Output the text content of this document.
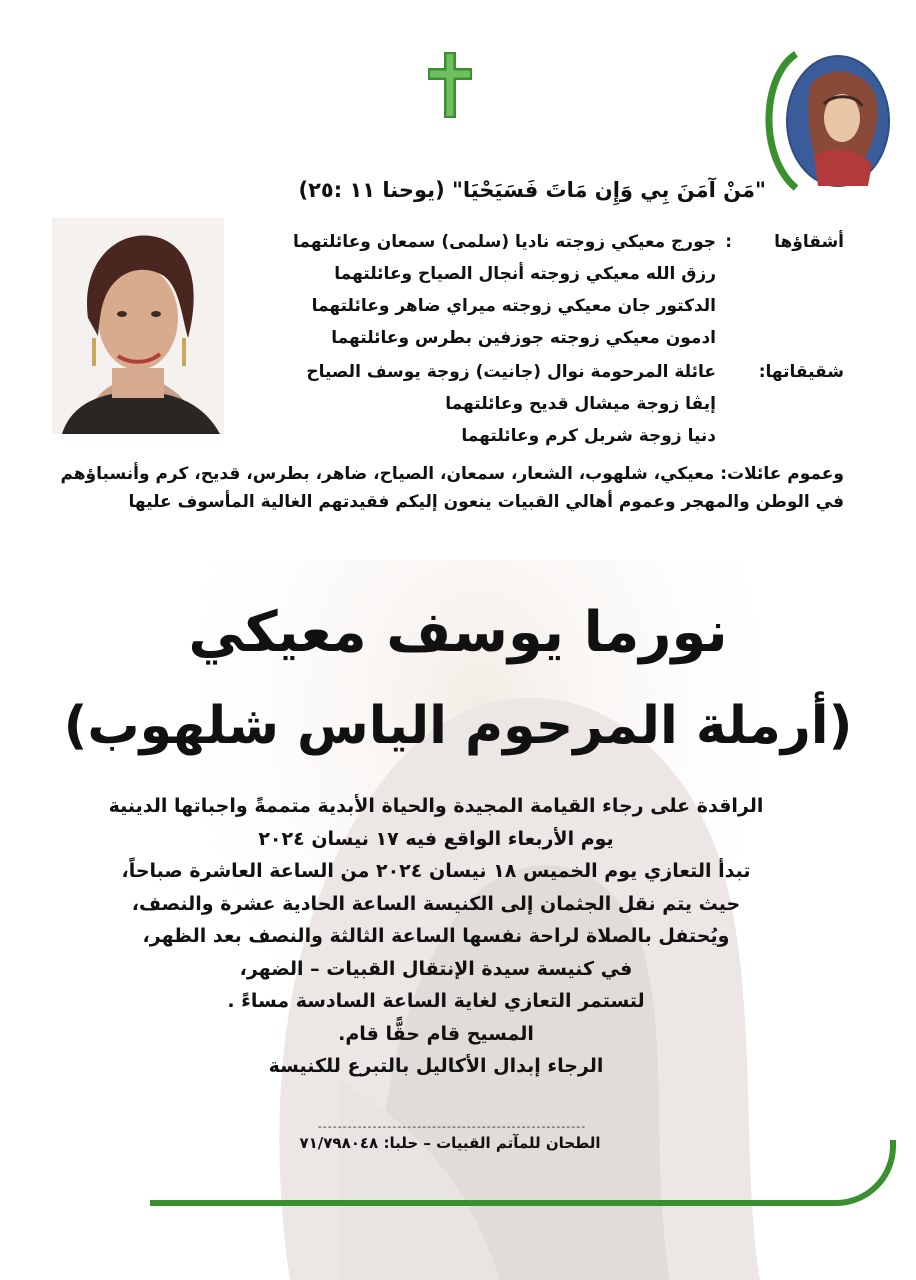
"مَنْ آمَنَ بِي وَإِن مَاتَ فَسَيَحْيَا" (يوحنا ١١ :٢٥)
أشقاؤها
:
جورج معيكي زوجته ناديا (سلمى) سمعان وعائلتهما
رزق الله معيكي زوجته أنجال الصياح وعائلتهما
الدكتور جان معيكي زوجته ميراي ضاهر وعائلتهما
ادمون معيكي زوجته جوزفين بطرس وعائلتهما
شقيقاتها:
عائلة المرحومة نوال (جانيت) زوجة يوسف الصياح
إيڤا زوجة ميشال قديح وعائلتهما
دنيا زوجة شربل كرم وعائلتهما
وعموم عائلات: معيكي، شلهوب، الشعار، سمعان، الصياح، ضاهر، بطرس، قديح، كرم وأنسباؤهم في الوطن والمهجر وعموم أهالي القبيات ينعون إليكم فقيدتهم الغالية المأسوف عليها
نورما يوسف معيكي
(أرملة المرحوم الياس شلهوب)
الراقدة على رجاء القيامة المجيدة والحياة الأبدية متممةً واجباتها الدينية
يوم الأربعاء الواقع فيه ١٧ نيسان ٢٠٢٤
تبدأ التعازي يوم الخميس ١٨ نيسان ٢٠٢٤ من الساعة العاشرة صباحاً،
حيث يتم نقل الجثمان إلى الكنيسة الساعة الحادية عشرة والنصف،
ويُحتفل بالصلاة لراحة نفسها الساعة الثالثة والنصف بعد الظهر،
في كنيسة سيدة الإنتقال القبيات – الضهر،
لتستمر التعازي لغاية الساعة السادسة مساءً .
المسيح قام حقًّا قام.
الرجاء إبدال الأكاليل بالتبرع للكنيسة
------------------------------------------------------
الطحان للمآتم القبيات – حلبا: ٧١/٧٩٨٠٤٨
